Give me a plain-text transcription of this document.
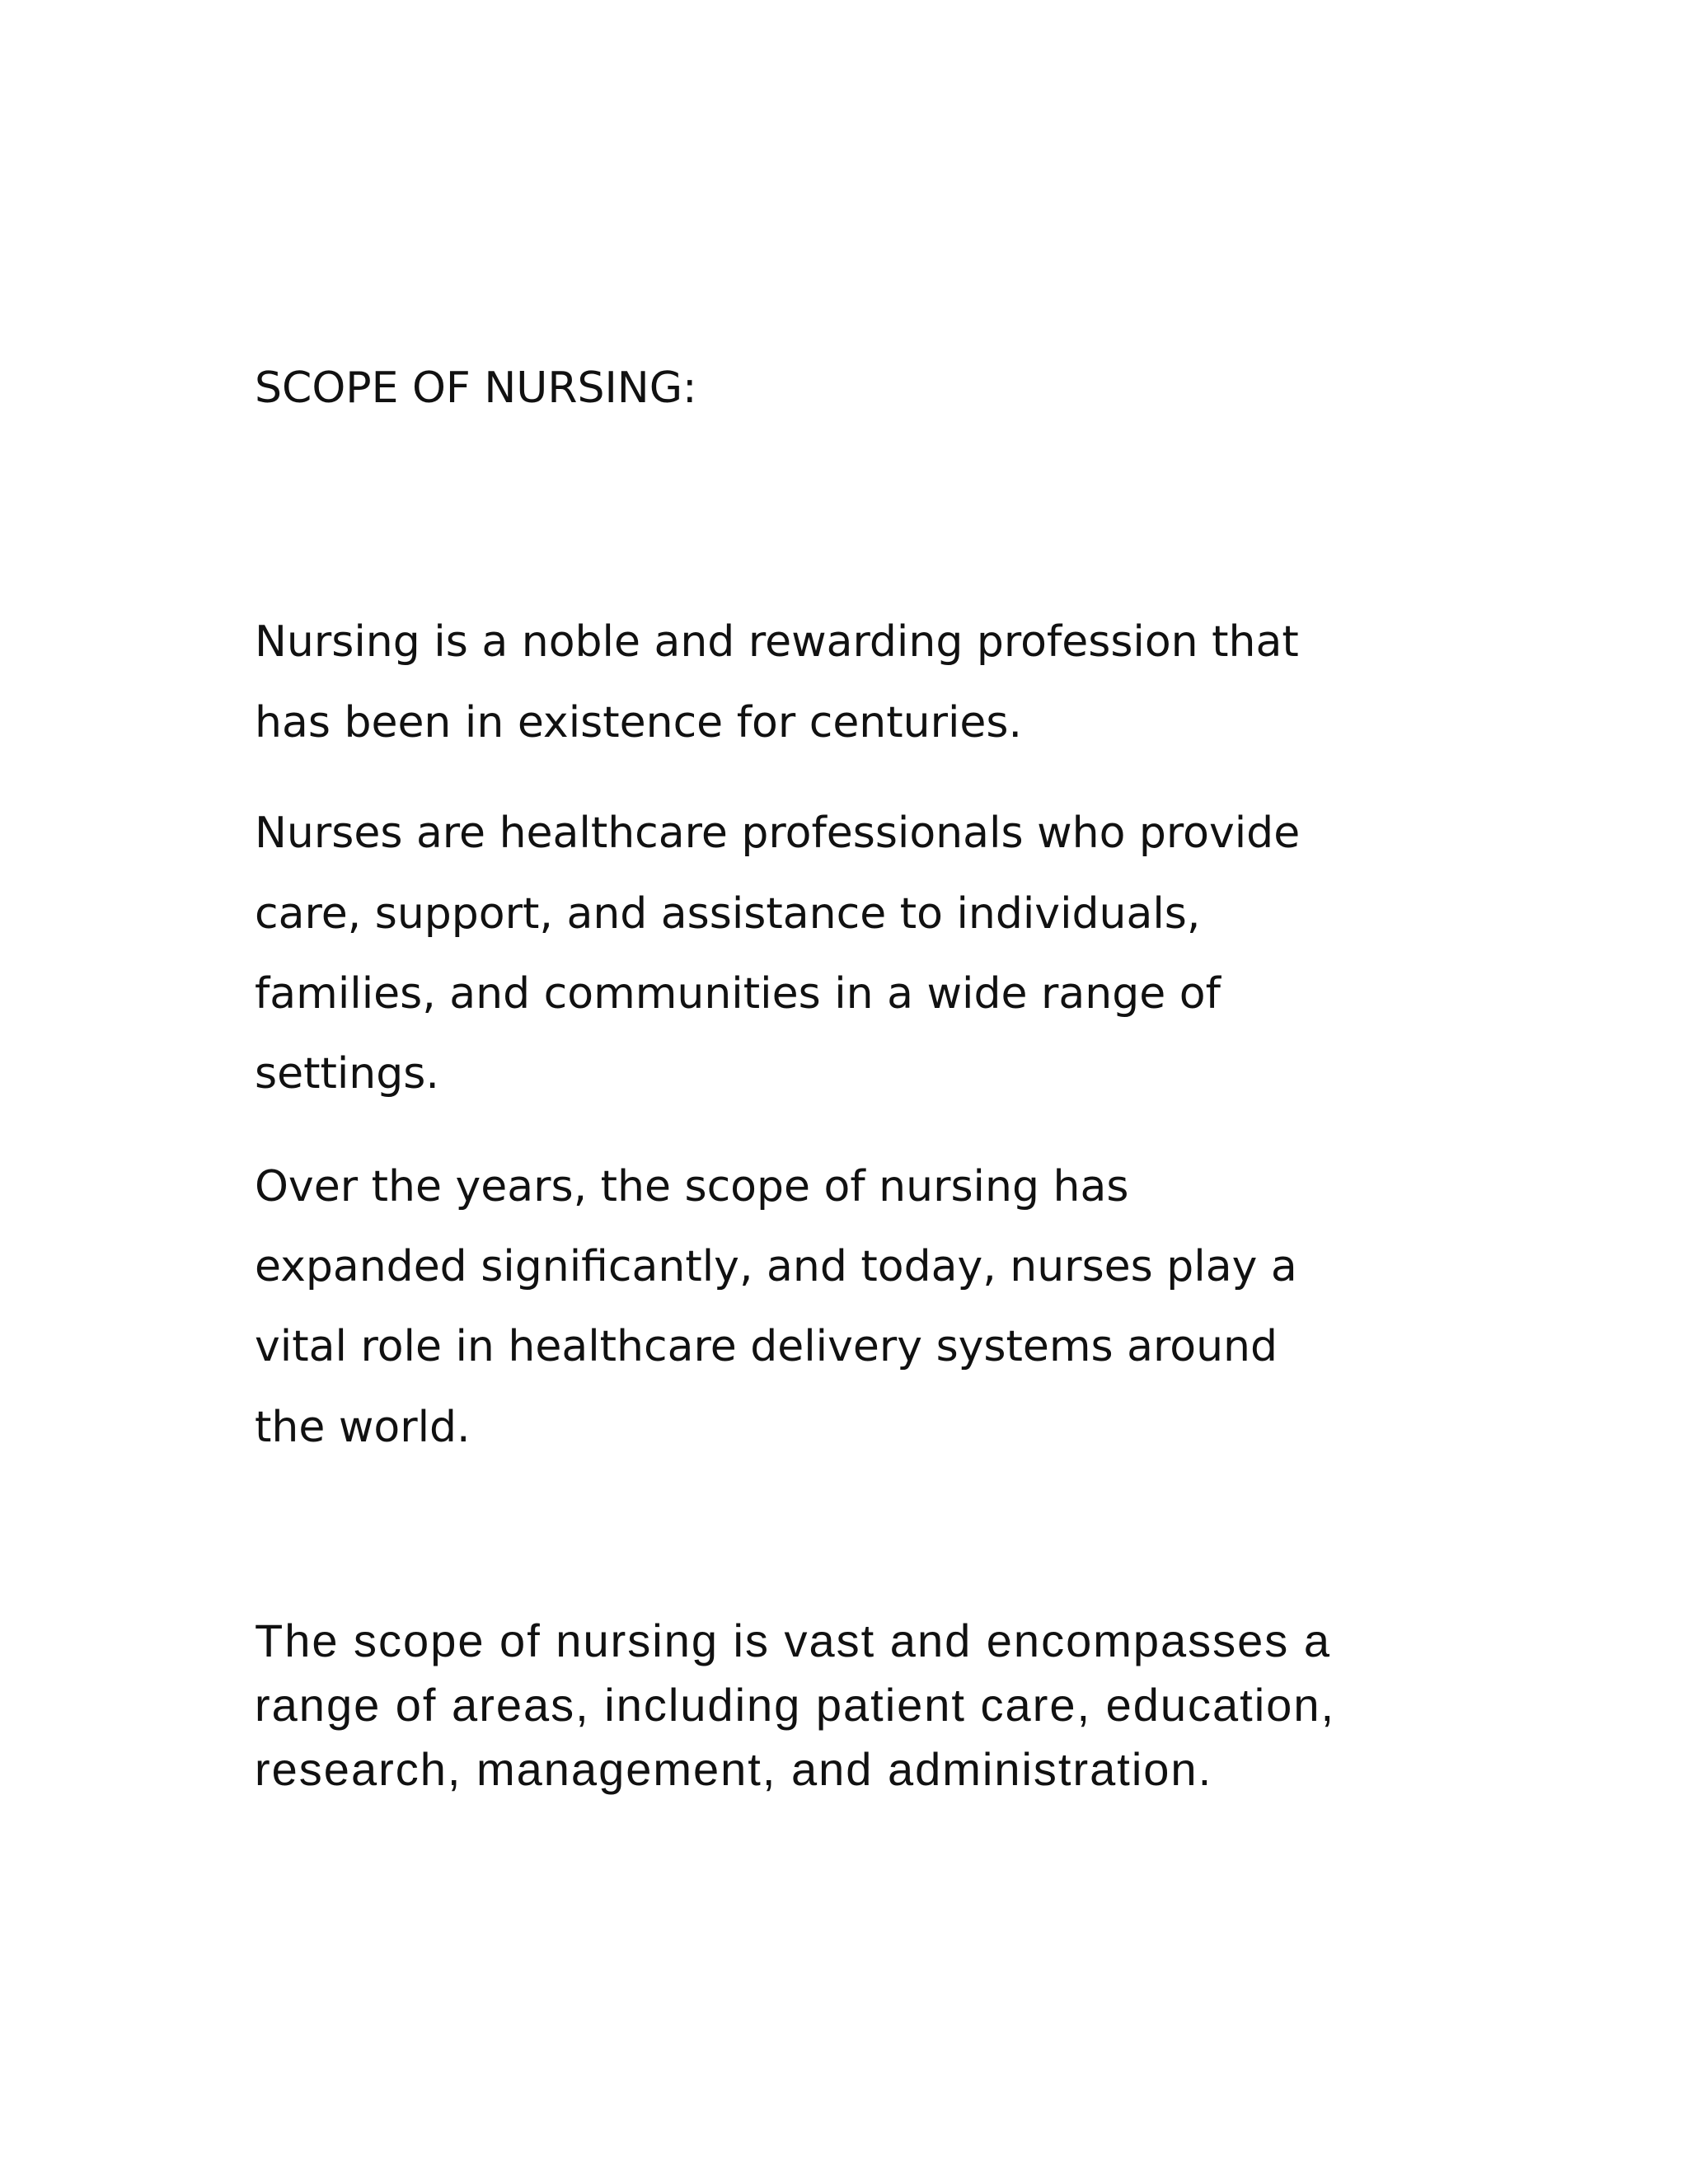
SCOPE OF NURSING:

Nursing is a noble and rewarding profession that

has been in existence for centuries.

Nurses are healthcare professionals who provide

care, support, and assistance to individuals,

families, and communities in a wide range of

settings.

Over the years, the scope of nursing has

expanded significantly, and today, nurses play a

vital role in healthcare delivery systems around

the world.

The scope of nursing is vast and encompasses a

range of areas, including patient care, education,

research, management, and administration.
